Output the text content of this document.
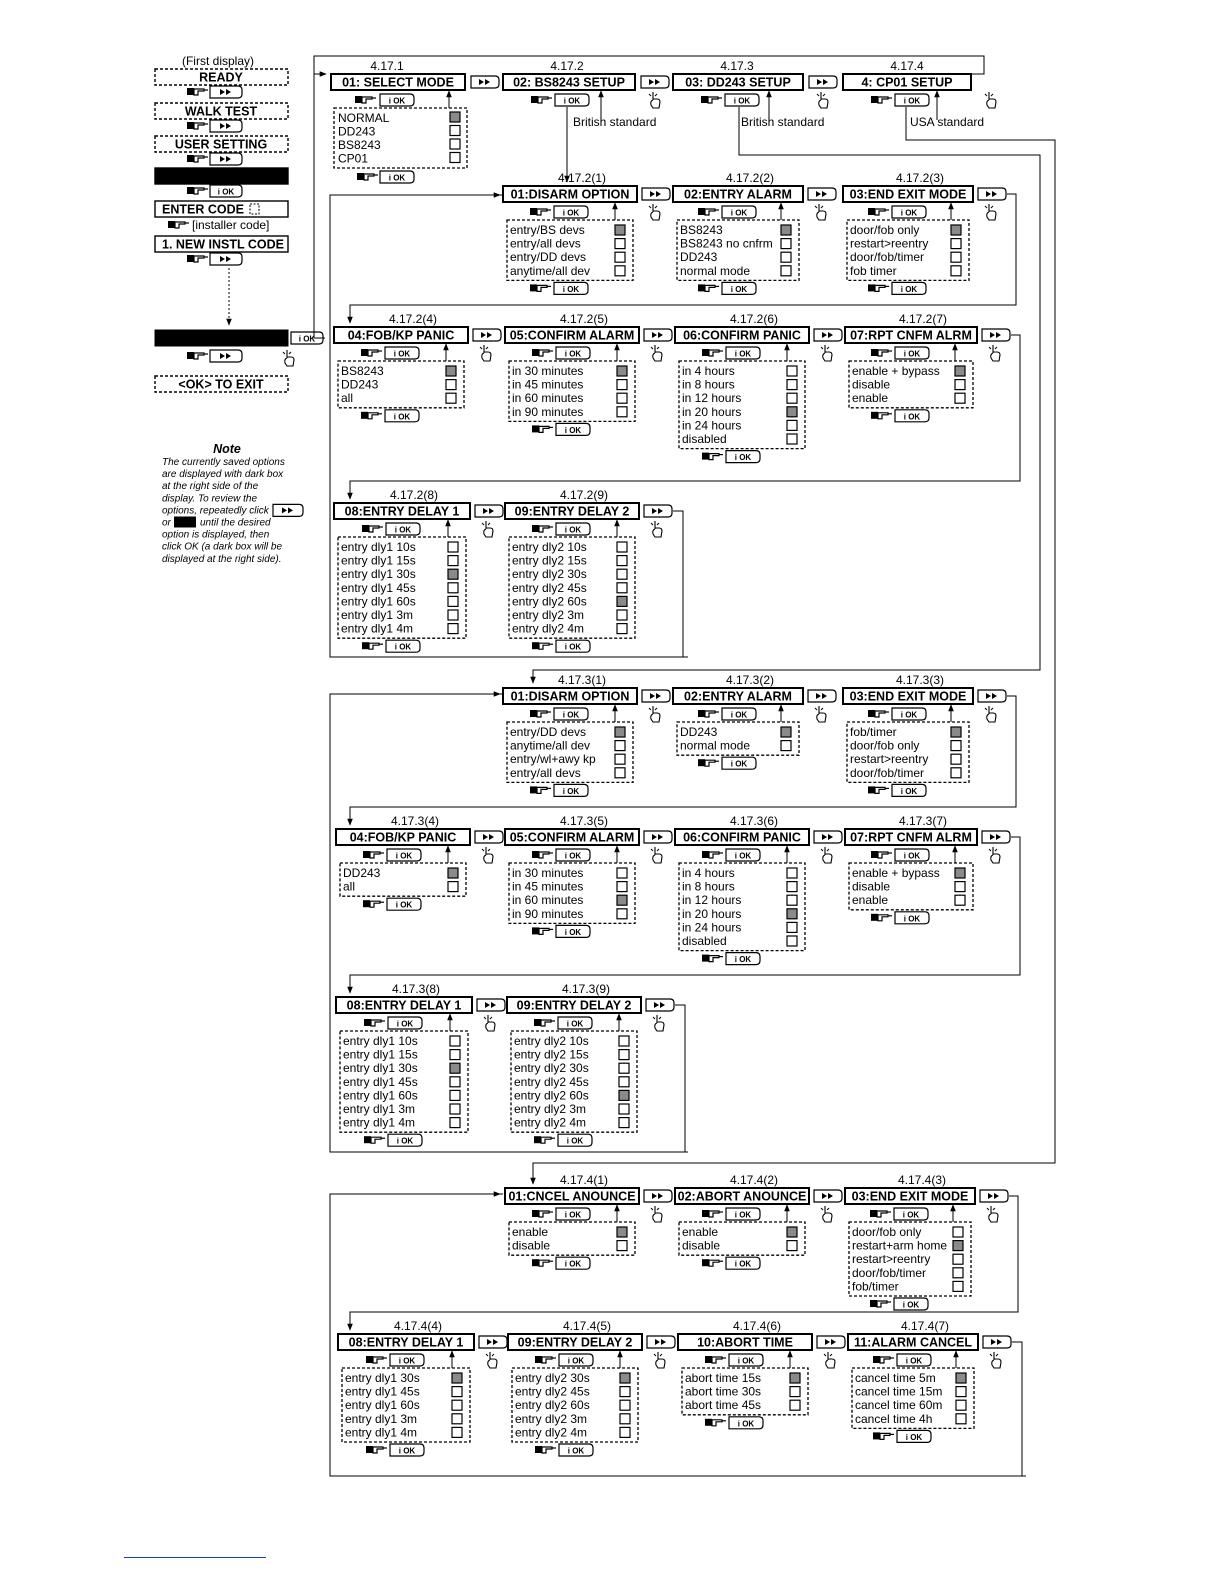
(First display)
READY
WALK TEST
USER SETTING
INSTALLER MODE
ENTER CODE
1. NEW INSTL CODE
i OK
[installer code]
17.OPERATION MOD i OK
<OK> TO EXIT
4.17.1
01: SELECT MODE
i OK
NORMAL
DD243
BS8243
CP01
i OK
4.17.2
02: BS8243 SETUP
i OK
British standard
4.17.3
03: DD243 SETUP
i OK
British standard
4.17.4
4: CP01 SETUP
i OK
USA standard
4.17.2(1)
01:DISARM OPTION
i OK
entry/BS devs
entry/all devs
entry/DD devs
anytime/all dev
i OK
4.17.2(2)
02:ENTRY ALARM
i OK
BS8243
BS8243 no cnfrm
DD243
normal mode
i OK
4.17.2(3)
03:END EXIT MODE
i OK
door/fob only
restart>reentry
door/fob/timer
fob timer
i OK
4.17.2(4)
04:FOB/KP PANIC
i OK
BS8243
DD243
all
i OK
4.17.2(5)
05:CONFIRM ALARM
i OK
in 30 minutes
in 45 minutes
in 60 minutes
in 90 minutes
i OK
4.17.2(6)
06:CONFIRM PANIC
i OK
in 4 hours
in 8 hours
in 12 hours
in 20 hours
in 24 hours
disabled
i OK
4.17.2(7)
07:RPT CNFM ALRM
i OK
enable + bypass
disable
enable
i OK
4.17.2(8)
08:ENTRY DELAY 1
i OK
entry dly1 10s
entry dly1 15s
entry dly1 30s
entry dly1 45s
entry dly1 60s
entry dly1 3m
entry dly1 4m
i OK
4.17.2(9)
09:ENTRY DELAY 2
i OK
entry dly2 10s
entry dly2 15s
entry dly2 30s
entry dly2 45s
entry dly2 60s
entry dly2 3m
entry dly2 4m
i OK
4.17.3(1)
01:DISARM OPTION
i OK
entry/DD devs
anytime/all dev
entry/wl+awy kp
entry/all devs
i OK
4.17.3(2)
02:ENTRY ALARM
i OK
DD243
normal mode
i OK
4.17.3(3)
03:END EXIT MODE
i OK
fob/timer
door/fob only
restart>reentry
door/fob/timer
i OK
4.17.3(4)
04:FOB/KP PANIC
i OK
DD243
all
i OK
4.17.3(5)
05:CONFIRM ALARM
i OK
in 30 minutes
in 45 minutes
in 60 minutes
in 90 minutes
i OK
4.17.3(6)
06:CONFIRM PANIC
i OK
in 4 hours
in 8 hours
in 12 hours
in 20 hours
in 24 hours
disabled
i OK
4.17.3(7)
07:RPT CNFM ALRM
i OK
enable + bypass
disable
enable
i OK
4.17.3(8)
08:ENTRY DELAY 1
i OK
entry dly1 10s
entry dly1 15s
entry dly1 30s
entry dly1 45s
entry dly1 60s
entry dly1 3m
entry dly1 4m
i OK
4.17.3(9)
09:ENTRY DELAY 2
i OK
entry dly2 10s
entry dly2 15s
entry dly2 30s
entry dly2 45s
entry dly2 60s
entry dly2 3m
entry dly2 4m
i OK
4.17.4(1)
01:CNCEL ANOUNCE
i OK
enable
disable
i OK
4.17.4(2)
02:ABORT ANOUNCE
i OK
enable
disable
i OK
4.17.4(3)
03:END EXIT MODE
i OK
door/fob only
restart+arm home
restart>reentry
door/fob/timer
fob/timer
i OK
4.17.4(4)
08:ENTRY DELAY 1
i OK
entry dly1 30s
entry dly1 45s
entry dly1 60s
entry dly1 3m
entry dly1 4m
i OK
4.17.4(5)
09:ENTRY DELAY 2
i OK
entry dly2 30s
entry dly2 45s
entry dly2 60s
entry dly2 3m
entry dly2 4m
i OK
4.17.4(6)
10:ABORT TIME
i OK
abort time 15s
abort time 30s
abort time 45s
i OK
4.17.4(7)
11:ALARM CANCEL
i OK
cancel time 5m
cancel time 15m
cancel time 60m
cancel time 4h
i OK
Note
The currently saved options
are displayed with dark box
at the right side of the
display. To review the
options, repeatedly click
or ↵ until the desired
option is displayed, then
click OK (a dark box will be
displayed at the right side).
